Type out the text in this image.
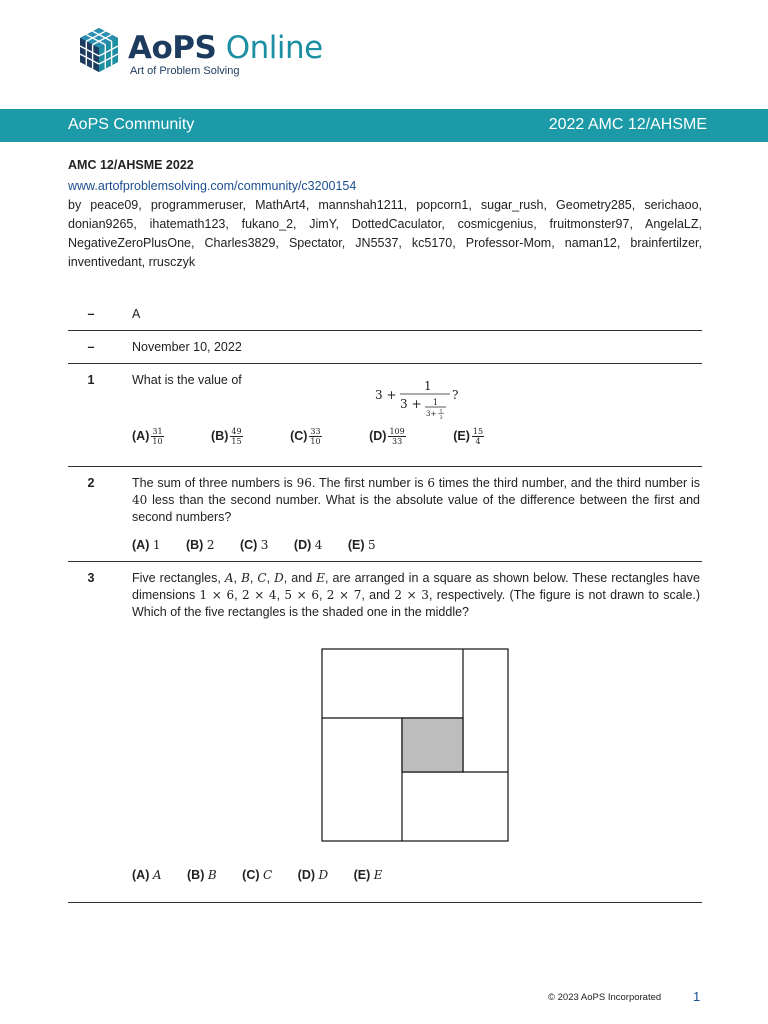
AoPS Online
Art of Problem Solving
AoPS Community	2022 AMC 12/AHSME
AMC 12/AHSME 2022
www.artofproblemsolving.com/community/c3200154
by peace09, programmeruser, MathArt4, mannshah1211, popcorn1, sugar_rush, Geometry285, serichaoo, donian9265, ihatemath123, fukano_2, JimY, DottedCaculator, cosmicgenius, fruitmonster97, AngelaLZ, NegativeZeroPlusOne, Charles3829, Spectator, JN5537, kc5170, Professor-Mom, naman12, brainfertilzer, inventivedant, rrusczyk
–	A
–	November 10, 2022
1	What is the value of
3 +
1
3 + 1
3+ 1
3
?
$(A) \frac{31}{10} (B) \frac{49}{15} (C) \frac{33}{10} (D) \frac{109}{33} (E) \frac{15}{4}$
2	The sum of three numbers is 96. The first number is 6 times the third number, and the third number is 40 less than the second number. What is the absolute value of the difference between the first and second numbers?
(A) 1 (B) 2 (C) 3 (D) 4 (E) 5
3	Five rectangles, A, B, C, D, and E, are arranged in a square as shown below. These rectangles have dimensions 1 × 6, 2 × 4, 5 × 6, 2 × 7, and 2 × 3, respectively. (The figure is not drawn to scale.) Which of the five rectangles is the shaded one in the middle?
(A) A (B) B (C) C (D) D (E) E
© 2023 AoPS Incorporated 1
